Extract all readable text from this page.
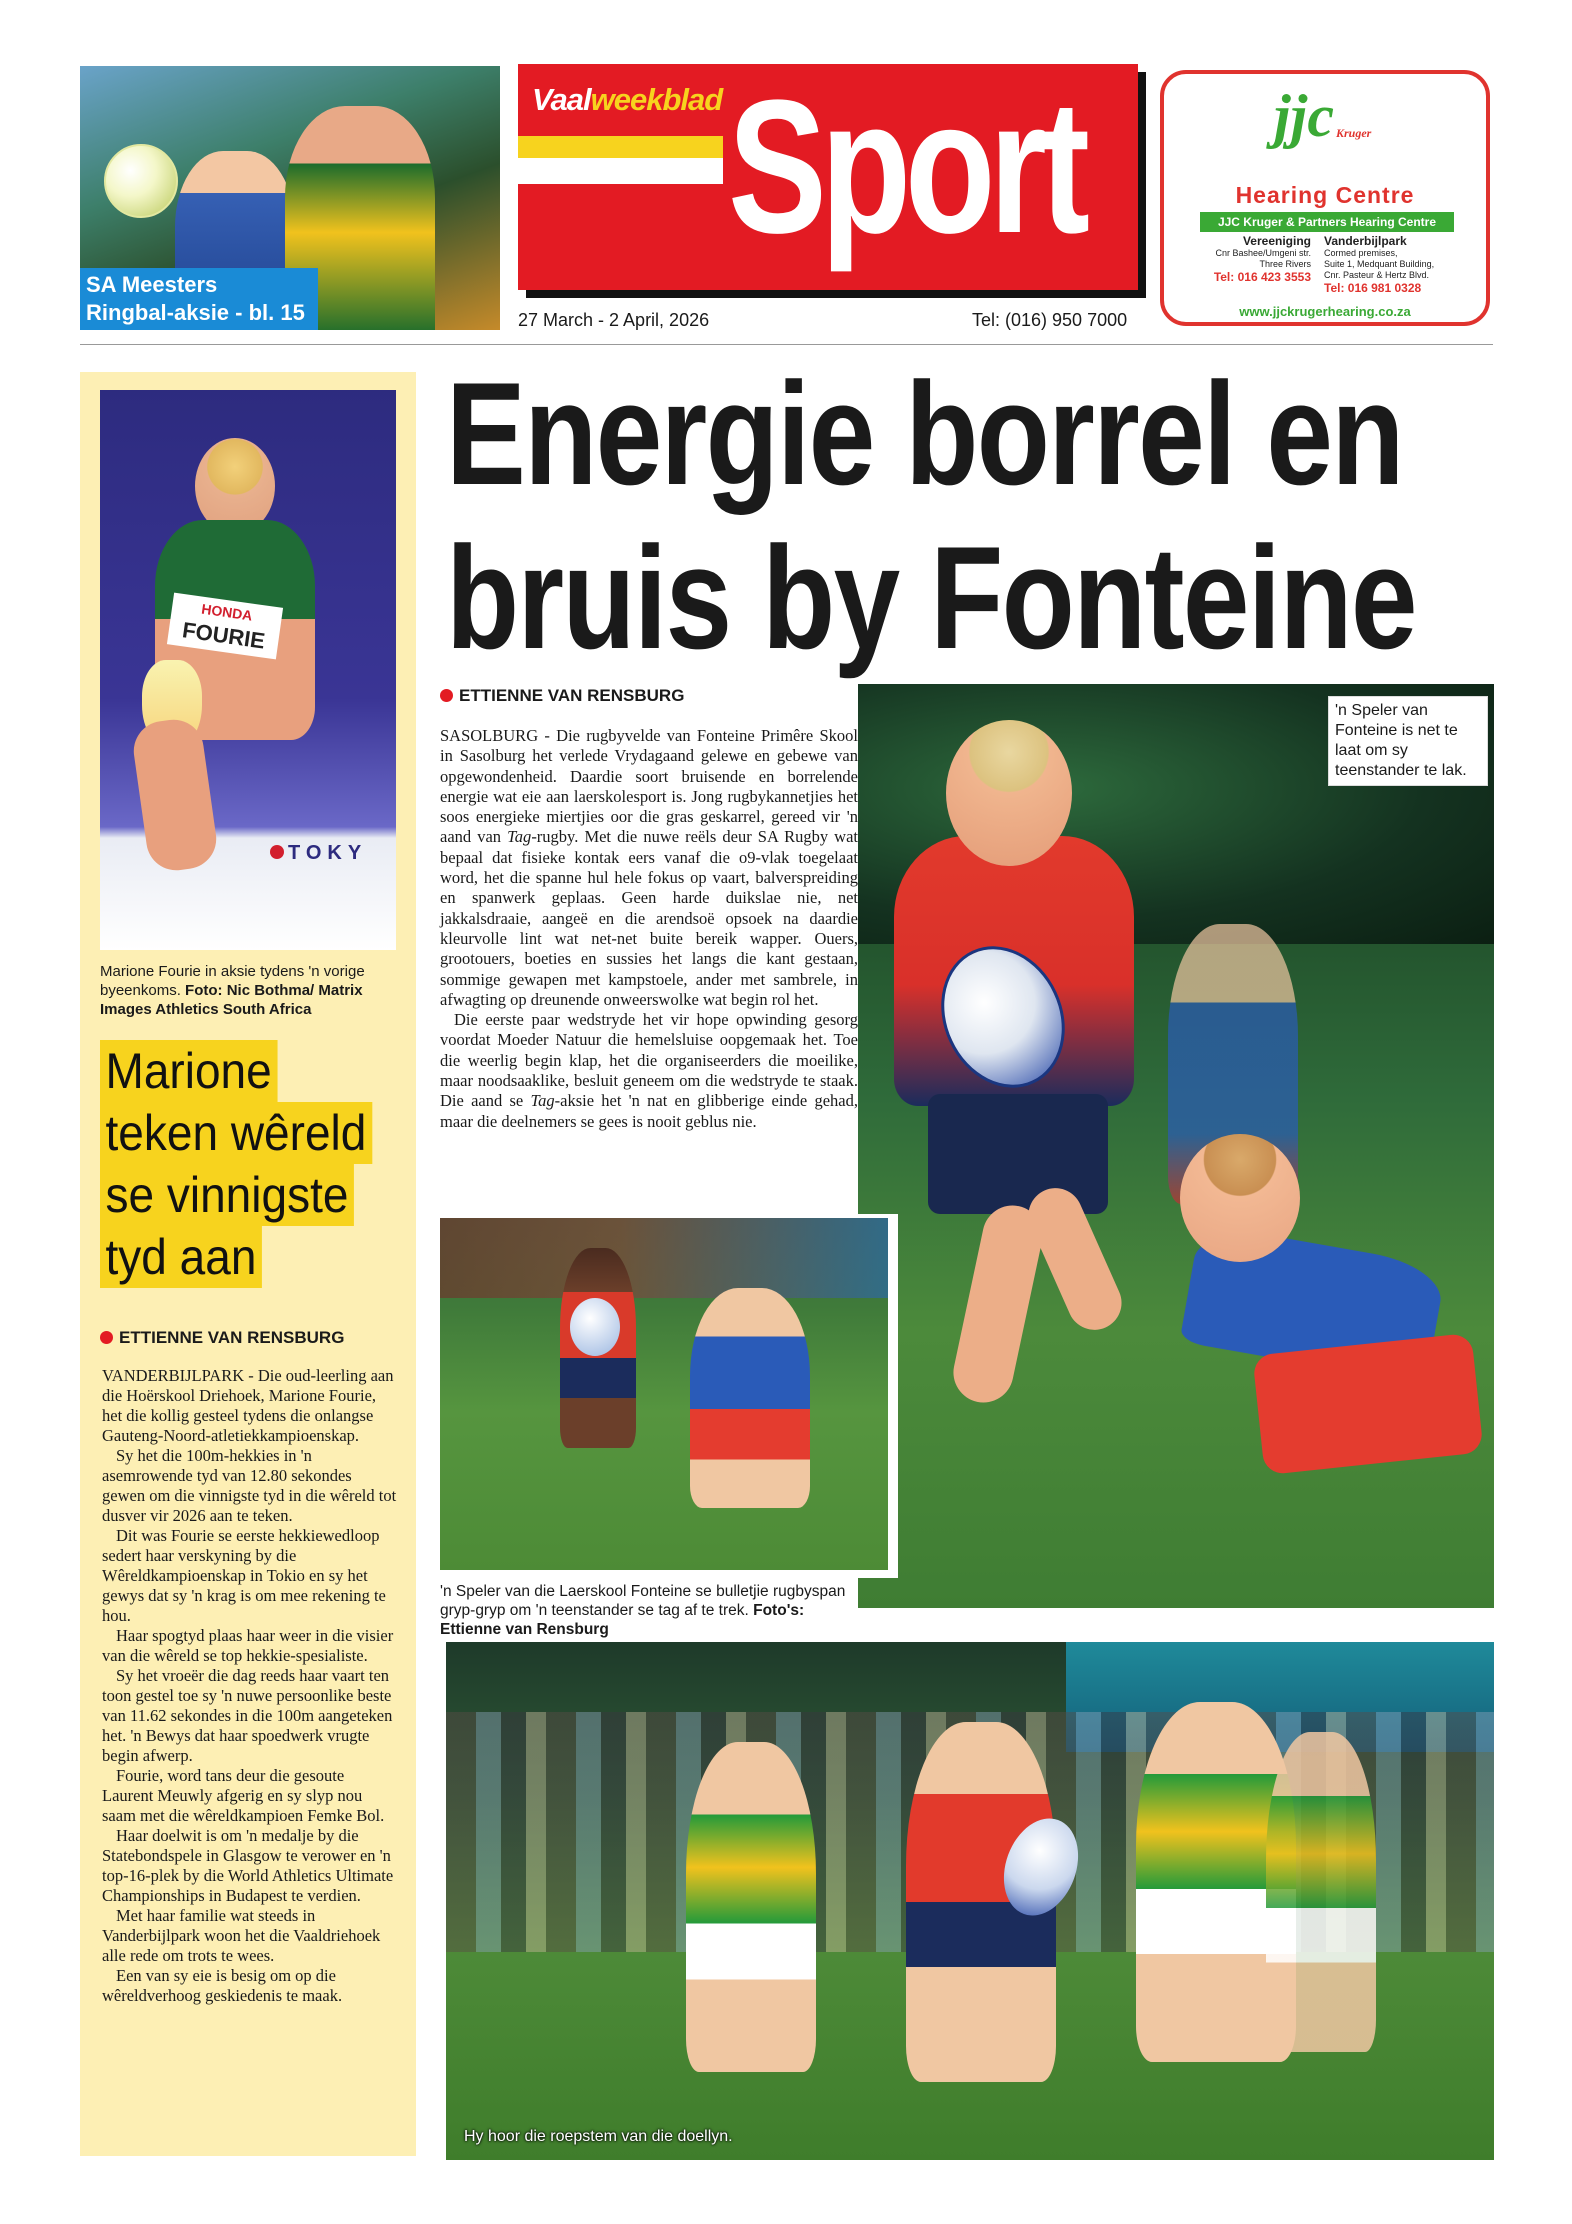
SA Meesters
Ringbal-aksie - bl. 15
Vaalweekblad Sport
27 March - 2 April, 2026	Tel: (016) 950 7000
jjc Kruger
Hearing Centre
JJC Kruger & Partners Hearing Centre
Vereeniging
Cnr Bashee/Umgeni str.
Three Rivers
Tel: 016 423 3553
Vanderbijlpark
Cormed premises,
Suite 1, Medquant Building,
Cnr. Pasteur & Hertz Blvd.
Tel: 016 981 0328
www.jjckrugerhearing.co.za
HONDA
FOURIE
TOKY
Marione Fourie in aksie tydens 'n vorige byeenkoms. Foto: Nic Bothma/ Matrix Images Athletics South Africa
Marione
teken wêreld
se vinnigste
tyd aan
ETTIENNE VAN RENSBURG

VANDERBIJLPARK - Die oud-leerling aan die Hoërskool Driehoek, Marione Fourie, het die kollig gesteel tydens die onlangse Gauteng-Noord-atletiekkampioenskap.

Sy het die 100m-hekkies in 'n asemrowende tyd van 12.80 sekondes gewen om die vinnigste tyd in die wêreld tot dusver vir 2026 aan te teken.

Dit was Fourie se eerste hekkiewedloop sedert haar verskyning by die Wêreldkampioenskap in Tokio en sy het gewys dat sy 'n krag is om mee rekening te hou.

Haar spogtyd plaas haar weer in die visier van die wêreld se top hekkie-spesialiste.

Sy het vroeër die dag reeds haar vaart ten toon gestel toe sy 'n nuwe persoonlike beste van 11.62 sekondes in die 100m aangeteken het. 'n Bewys dat haar spoedwerk vrugte begin afwerp.

Fourie, word tans deur die gesoute Laurent Meuwly afgerig en sy slyp nou saam met die wêreldkampioen Femke Bol.

Haar doelwit is om 'n medalje by die Statebondspele in Glasgow te verower en 'n top-16-plek by die World Athletics Ultimate Championships in Budapest te verdien.

Met haar familie wat steeds in Vanderbijlpark woon het die Vaaldriehoek alle rede om trots te wees.

Een van sy eie is besig om op die wêreldverhoog geskiedenis te maak.

Energie borrel en
bruis by Fonteine
ETTIENNE VAN RENSBURG

SASOLBURG - Die rugbyvelde van Fonteine Primêre Skool in Sasolburg het verlede Vrydagaand gelewe en gebewe van opgewondenheid. Daardie soort bruisende en borrelende energie wat eie aan laerskolesport is. Jong rugbykannetjies het soos energieke miertjies oor die gras geskarrel, gereed vir 'n aand van Tag-rugby. Met die nuwe reëls deur SA Rugby wat bepaal dat fisieke kontak eers vanaf die o9-vlak toegelaat word, het die spanne hul hele fokus op vaart, balverspreiding en spanwerk geplaas. Geen harde duikslae nie, net jakkalsdraaie, aangeë en die arendsoë opsoek na daardie kleurvolle lint wat net-net buite bereik wapper. Ouers, grootouers, boeties en sussies het langs die kant gestaan, sommige gewapen met kampstoele, ander met sambrele, in afwagting op dreunende onweerswolke wat begin rol het.

Die eerste paar wedstryde het vir hope opwinding gesorg voordat Moeder Natuur die hemelsluise oopgemaak het. Toe die weerlig begin klap, het die organiseerders die moeilike, maar noodsaaklike, besluit geneem om die wedstryde te staak. Die aand se Tag-aksie het 'n nat en glibberige einde gehad, maar die deelnemers se gees is nooit geblus nie.

'n Speler van Fonteine is net te laat om sy teenstander te lak.
'n Speler van die Laerskool Fonteine se bulletjie rugbyspan gryp-gryp om 'n teenstander se tag af te trek. Foto's: Ettienne van Rensburg
Hy hoor die roepstem van die doellyn.
